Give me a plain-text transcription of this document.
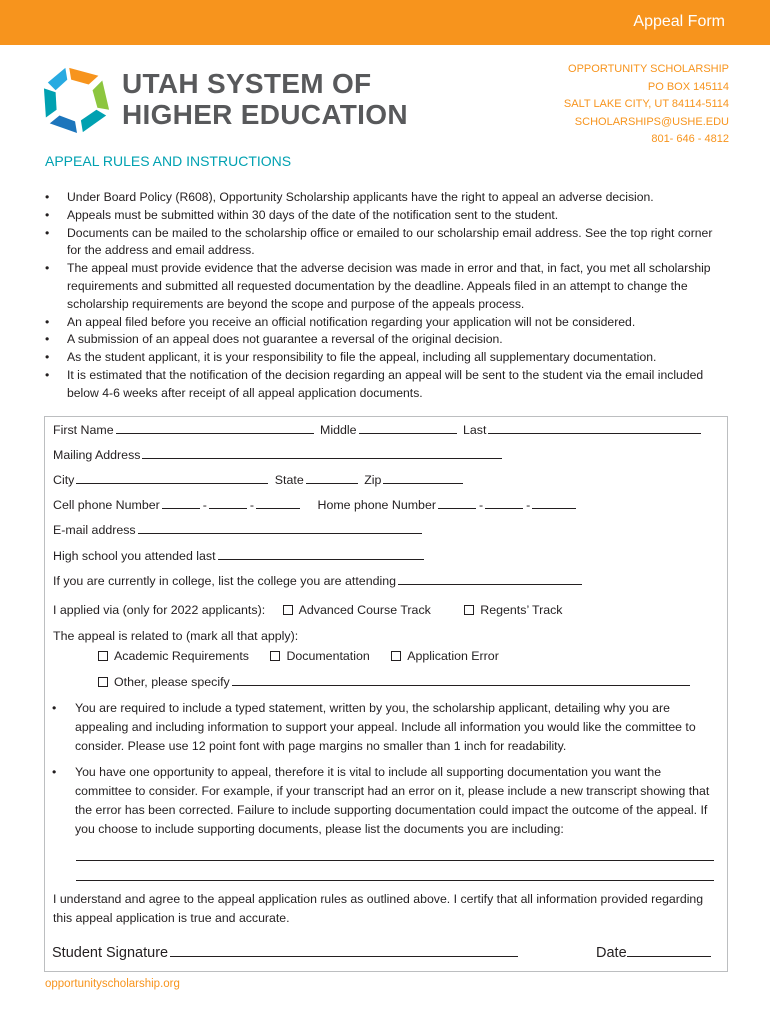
Appeal Form
UTAH SYSTEM OF
HIGHER EDUCATION
OPPORTUNITY SCHOLARSHIP
PO BOX 145114
SALT LAKE CITY, UT 84114-5114
SCHOLARSHIPS@USHE.EDU
801- 646 - 4812
APPEAL RULES AND INSTRUCTIONS
• Under Board Policy (R608), Opportunity Scholarship applicants have the right to appeal an adverse decision.
• Appeals must be submitted within 30 days of the date of the notification sent to the student.
• Documents can be mailed to the scholarship office or emailed to our scholarship email address. See the top right corner for the address and email address.
• The appeal must provide evidence that the adverse decision was made in error and that, in fact, you met all scholarship requirements and submitted all requested documentation by the deadline. Appeals filed in an attempt to change the scholarship requirements are beyond the scope and purpose of the appeals process.
• An appeal filed before you receive an official notification regarding your application will not be considered.
• A submission of an appeal does not guarantee a reversal of the original decision.
• As the student applicant, it is your responsibility to file the appeal, including all supplementary documentation.
• It is estimated that the notification of the decision regarding an appeal will be sent to the student via the email included below 4-6 weeks after receipt of all appeal application documents.
First Name	Middle	Last
Mailing Address
City	State	Zip
Cell phone Number	-	-	Home phone Number	-	-
E-mail address
High school you attended last
If you are currently in college, list the college you are attending
I applied via (only for 2022 applicants):	Advanced Course Track	Regents’ Track
The appeal is related to (mark all that apply):
Academic Requirements	Documentation	Application Error
Other, please specify
•	You are required to include a typed statement, written by you, the scholarship applicant, detailing why you are appealing and including information to support your appeal. Include all information you would like the committee to consider. Please use 12 point font with page margins no smaller than 1 inch for readability.
•	You have one opportunity to appeal, therefore it is vital to include all supporting documentation you want the committee to consider. For example, if your transcript had an error on it, please include a new transcript showing that the error has been corrected. Failure to include supporting documentation could impact the outcome of the appeal. If you choose to include supporting documents, please list the documents you are including:
I understand and agree to the appeal application rules as outlined above. I certify that all information provided regarding this appeal application is true and accurate.
Student Signature	Date
opportunityscholarship.org
